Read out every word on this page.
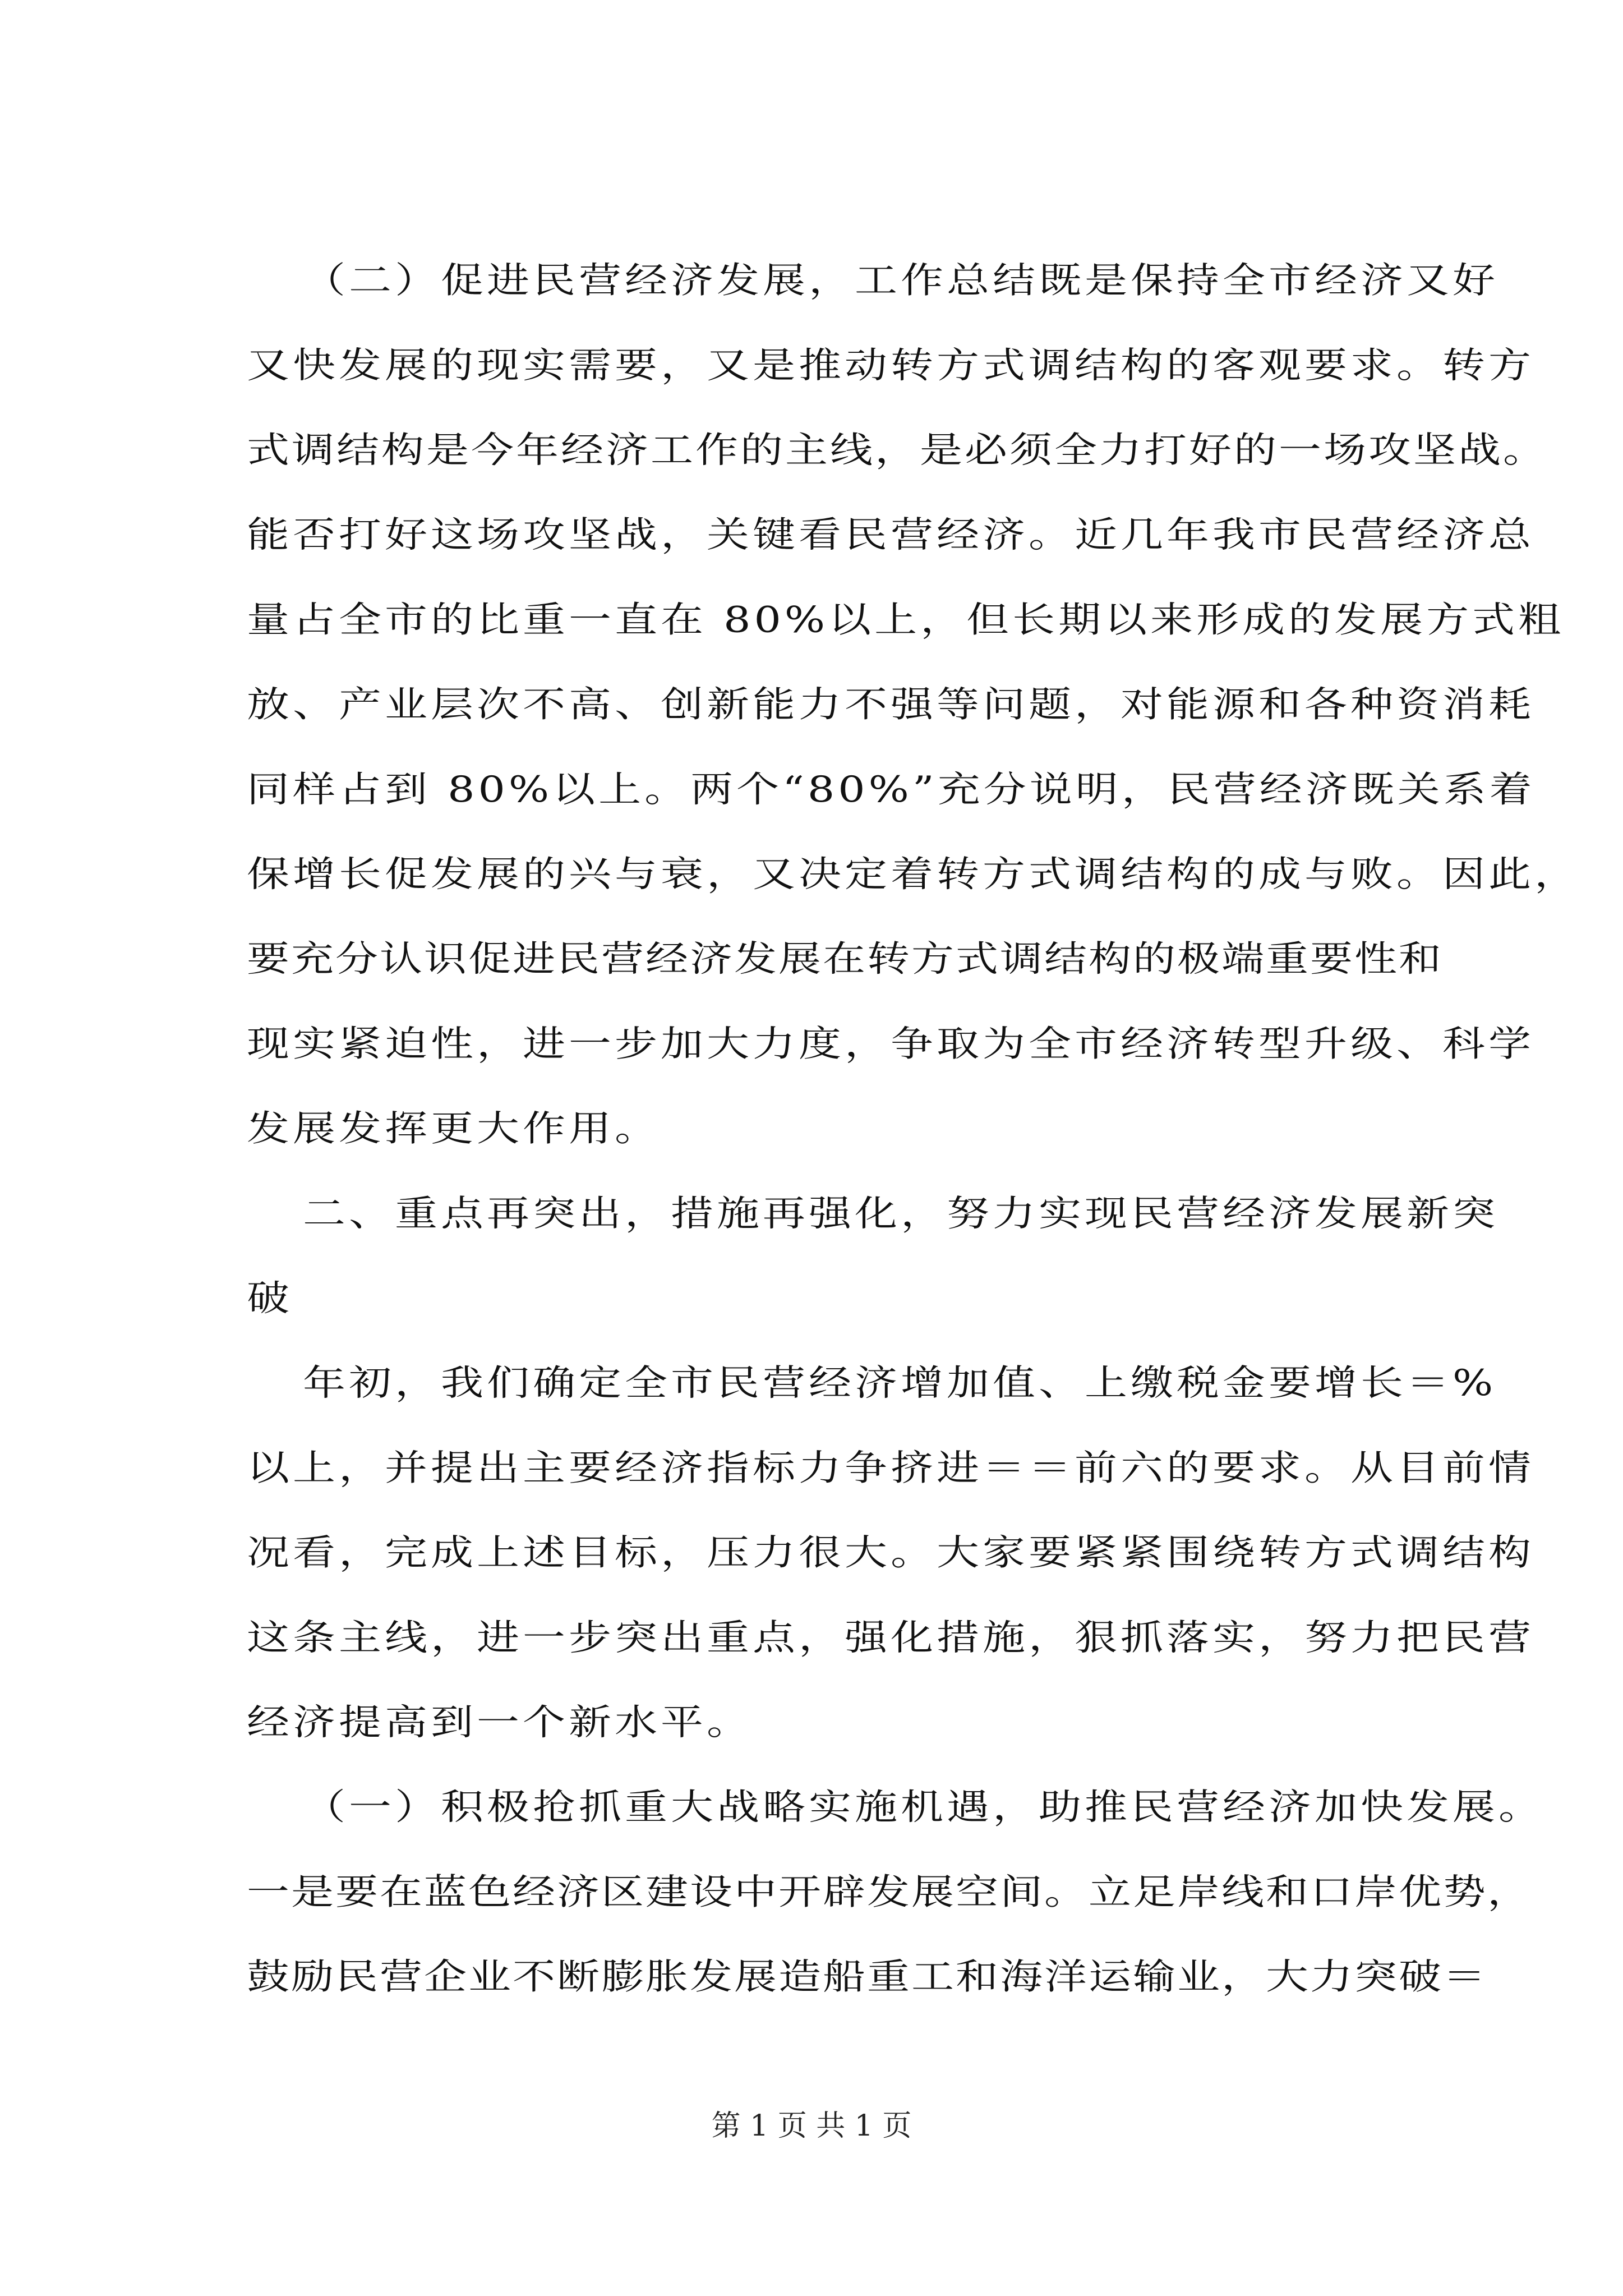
（二）促进民营经济发展，工作总结既是保持全市经济又好
又快发展的现实需要，又是推动转方式调结构的客观要求。转方
式调结构是今年经济工作的主线，是必须全力打好的一场攻坚战。
能否打好这场攻坚战，关键看民营经济。近几年我市民营经济总
量占全市的比重一直在 80%以上，但长期以来形成的发展方式粗
放、产业层次不高、创新能力不强等问题，对能源和各种资消耗
同样占到 80%以上。两个“80%”充分说明，民营经济既关系着
保增长促发展的兴与衰，又决定着转方式调结构的成与败。因此，
要充分认识促进民营经济发展在转方式调结构的极端重要性和
现实紧迫性，进一步加大力度，争取为全市经济转型升级、科学
发展发挥更大作用。
二、重点再突出，措施再强化，努力实现民营经济发展新突
破
年初，我们确定全市民营经济增加值、上缴税金要增长＝%
以上，并提出主要经济指标力争挤进＝＝前六的要求。从目前情
况看，完成上述目标，压力很大。大家要紧紧围绕转方式调结构
这条主线，进一步突出重点，强化措施，狠抓落实，努力把民营
经济提高到一个新水平。
（一）积极抢抓重大战略实施机遇，助推民营经济加快发展。
一是要在蓝色经济区建设中开辟发展空间。立足岸线和口岸优势，
鼓励民营企业不断膨胀发展造船重工和海洋运输业，大力突破＝
第 1 页 共 1 页
